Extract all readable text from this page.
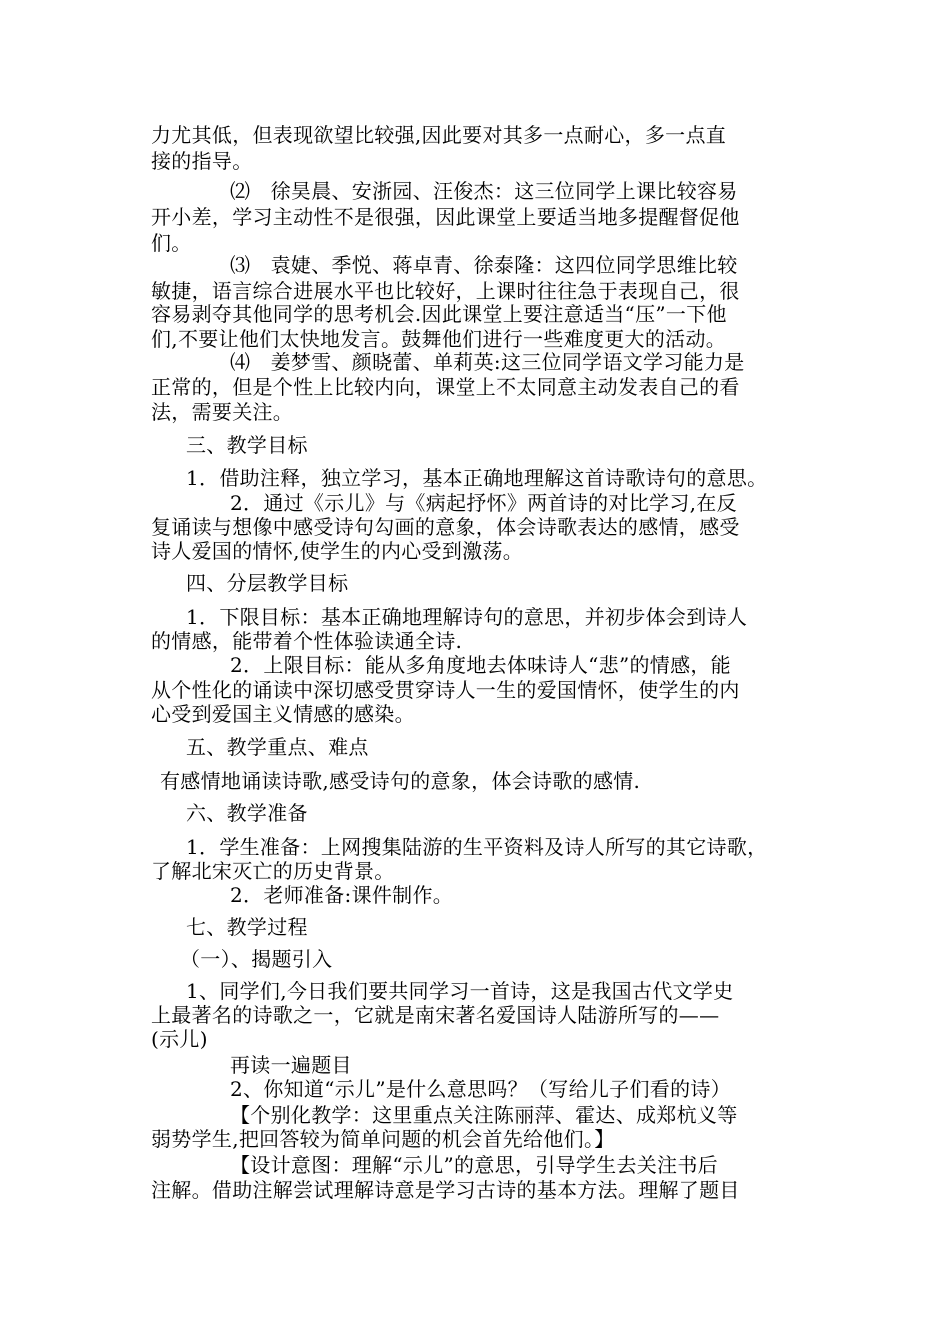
力尤其低，但表现欲望比较强,因此要对其多一点耐心，多一点直
接的指导。
⑵　徐昊晨、安浙园、汪俊杰：这三位同学上课比较容易
开小差，学习主动性不是很强，因此课堂上要适当地多提醒督促他
们。
⑶　袁婕、季悦、蒋卓青、徐泰隆：这四位同学思维比较
敏捷，语言综合进展水平也比较好，上课时往往急于表现自己，很
容易剥夺其他同学的思考机会.因此课堂上要注意适当“压”一下他
们,不要让他们太快地发言。鼓舞他们进行一些难度更大的活动。
⑷　姜梦雪、颜晓蕾、单莉英:这三位同学语文学习能力是
正常的，但是个性上比较内向，课堂上不太同意主动发表自己的看
法，需要关注。
三、教学目标
1．借助注释，独立学习，基本正确地理解这首诗歌诗句的意思。
2．通过《示儿》与《病起抒怀》两首诗的对比学习,在反
复诵读与想像中感受诗句勾画的意象，体会诗歌表达的感情，感受
诗人爱国的情怀,使学生的内心受到激荡。
四、分层教学目标
1．下限目标：基本正确地理解诗句的意思，并初步体会到诗人
的情感，能带着个性体验读通全诗.
2．上限目标：能从多角度地去体味诗人“悲”的情感，能
从个性化的诵读中深切感受贯穿诗人一生的爱国情怀，使学生的内
心受到爱国主义情感的感染。
五、教学重点、难点
有感情地诵读诗歌,感受诗句的意象，体会诗歌的感情.
六、教学准备
1．学生准备：上网搜集陆游的生平资料及诗人所写的其它诗歌，
了解北宋灭亡的历史背景。
2．老师准备:课件制作。
七、教学过程
（一）、揭题引入
1、同学们,今日我们要共同学习一首诗，这是我国古代文学史
上最著名的诗歌之一，它就是南宋著名爱国诗人陆游所写的——
(示儿)
再读一遍题目
2、你知道“示儿”是什么意思吗？（写给儿子们看的诗）
【个别化教学：这里重点关注陈丽萍、霍达、成郑杭义等
弱势学生,把回答较为简单问题的机会首先给他们。】
【设计意图：理解“示儿”的意思，引导学生去关注书后
注解。借助注解尝试理解诗意是学习古诗的基本方法。理解了题目
